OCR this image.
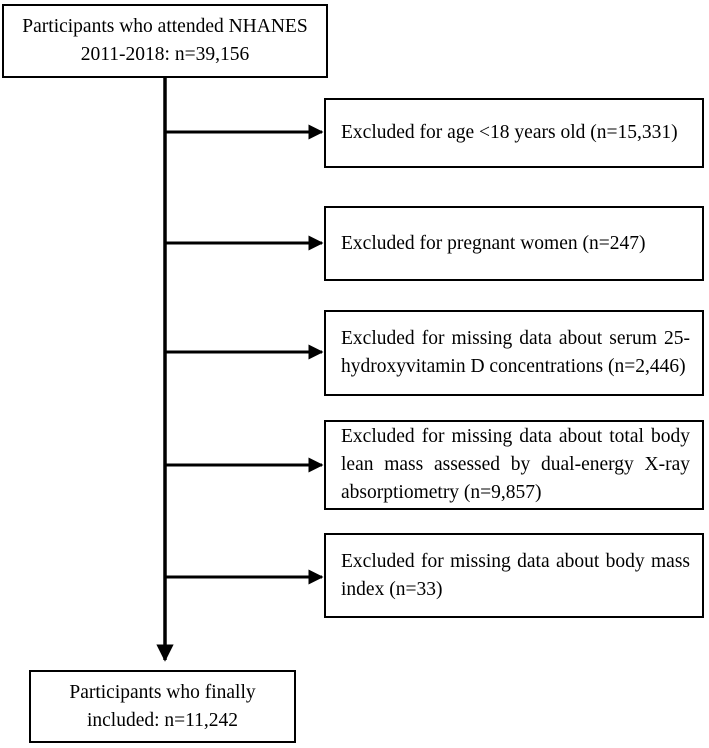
Participants who attended NHANES 2011-2018: n=39,156
Excluded for age <18 years old (n=15,331)
Excluded for pregnant women (n=247)
Excluded for missing data about serum 25-hydroxyvitamin D concentrations (n=2,446)
Excluded for missing data about total body lean mass assessed by dual-energy X-ray absorptiometry (n=9,857)
Excluded for missing data about body mass index (n=33)
Participants who finally included: n=11,242
